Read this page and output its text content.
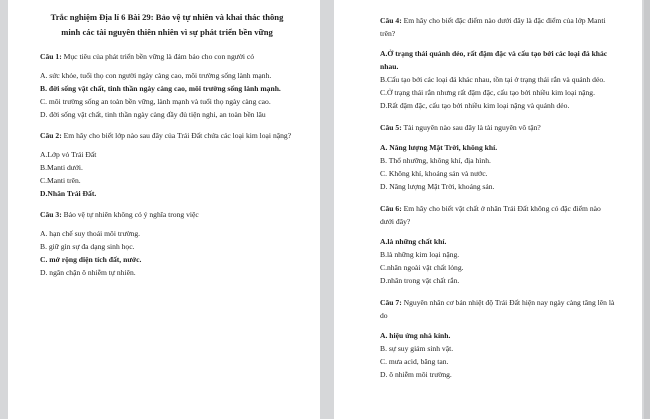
Trắc nghiệm Địa lí 6 Bài 29: Bảo vệ tự nhiên và khai thác thông minh các tài nguyên thiên nhiên vì sự phát triển bền vững

Câu 1: Mục tiêu của phát triển bền vững là đảm bảo cho con người có

A. sức khỏe, tuổi thọ con người ngày càng cao, môi trường sống lành mạnh.

B. đời sống vật chất, tinh thần ngày càng cao, môi trường sống lành mạnh.

C. môi trường sống an toàn bền vững, lành mạnh và tuổi thọ ngày càng cao.

D. đời sống vật chất, tinh thần ngày càng đầy đủ tiện nghi, an toàn bền lâu

Câu 2: Em hãy cho biết lớp nào sau đây của Trái Đất chứa các loại kim loại nặng?

A.Lớp vỏ Trái Đất

B.Manti dưới.

C.Manti trên.

D.Nhân Trái Đất.

Câu 3: Bảo vệ tự nhiên không có ý nghĩa trong việc

A. hạn chế suy thoái môi trường.

B. giữ gìn sự đa dạng sinh học.

C. mở rộng diện tích đất, nước.

D. ngăn chặn ô nhiễm tự nhiên.

Câu 4: Em hãy cho biết đặc điểm nào dưới đây là đặc điểm của lớp Manti trên?

A.Ở trạng thái quánh dẻo, rất đậm đặc và cấu tạo bởi các loại đá khác nhau.

B.Cấu tạo bởi các loại đá khác nhau, tồn tại ở trạng thái rắn và quánh dẻo.

C.Ở trạng thái rắn nhưng rất đậm đặc, cấu tạo bởi nhiều kim loại nặng.

D.Rất đậm đặc, cấu tạo bởi nhiều kim loại nặng và quánh dẻo.

Câu 5: Tài nguyên nào sau đây là tài nguyên vô tận?

A. Năng lượng Mặt Trời, không khí.

B. Thổ nhưỡng, không khí, địa hình.

C. Không khí, khoáng sản và nước.

D. Năng lượng Mặt Trời, khoáng sản.

Câu 6: Em hãy cho biết vật chất ở nhân Trái Đất không có đặc điểm nào dưới đây?

A.là những chất khí.

B.là những kim loại nặng.

C.nhân ngoài vật chất lỏng.

D.nhân trong vật chất rắn.

Câu 7: Nguyên nhân cơ bản nhiệt độ Trái Đất hiện nay ngày càng tăng lên là do

A. hiệu ứng nhà kính.

B. sự suy giảm sinh vật.

C. mưa acid, băng tan.

D. ô nhiễm môi trường.
